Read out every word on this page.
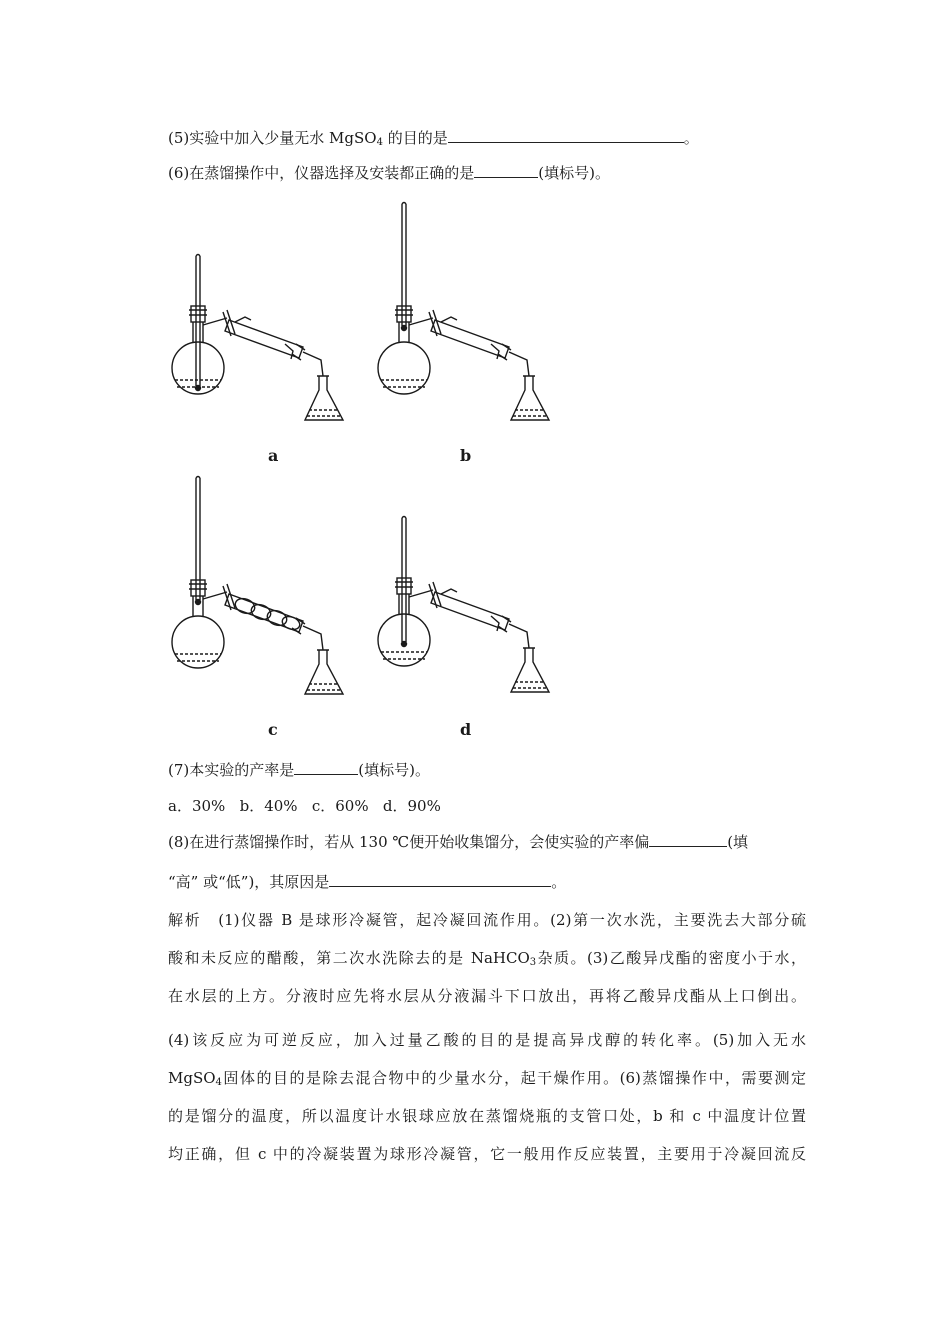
(5)实验中加入少量无水 MgSO$_4$ 的目的是	。
(6)在蒸馏操作中，仪器选择及安装都正确的是	(填标号)。
a	b
c	d
(7)本实验的产率是	(填标号)。
a．30%   b．40%   c．60%   d．90%
(8)在进行蒸馏操作时，若从 130 ℃便开始收集馏分，会使实验的产率偏	(填
“高” 或“低”)，其原因是	。
解析　(1)仪器 B 是球形冷凝管，起冷凝回流作用。(2)第一次水洗，主要洗去大部分硫
酸和未反应的醋酸，第二次水洗除去的是 NaHCO$_3$杂质。(3)乙酸异戊酯的密度小于水，
在水层的上方。分液时应先将水层从分液漏斗下口放出，再将乙酸异戊酯从上口倒出。
(4)该反应为可逆反应，加入过量乙酸的目的是提高异戊醇的转化率。(5)加入无水
MgSO$_4$固体的目的是除去混合物中的少量水分，起干燥作用。(6)蒸馏操作中，需要测定
的是馏分的温度，所以温度计水银球应放在蒸馏烧瓶的支管口处，b 和 c 中温度计位置
均正确，但 c 中的冷凝装置为球形冷凝管，它一般用作反应装置，主要用于冷凝回流反
